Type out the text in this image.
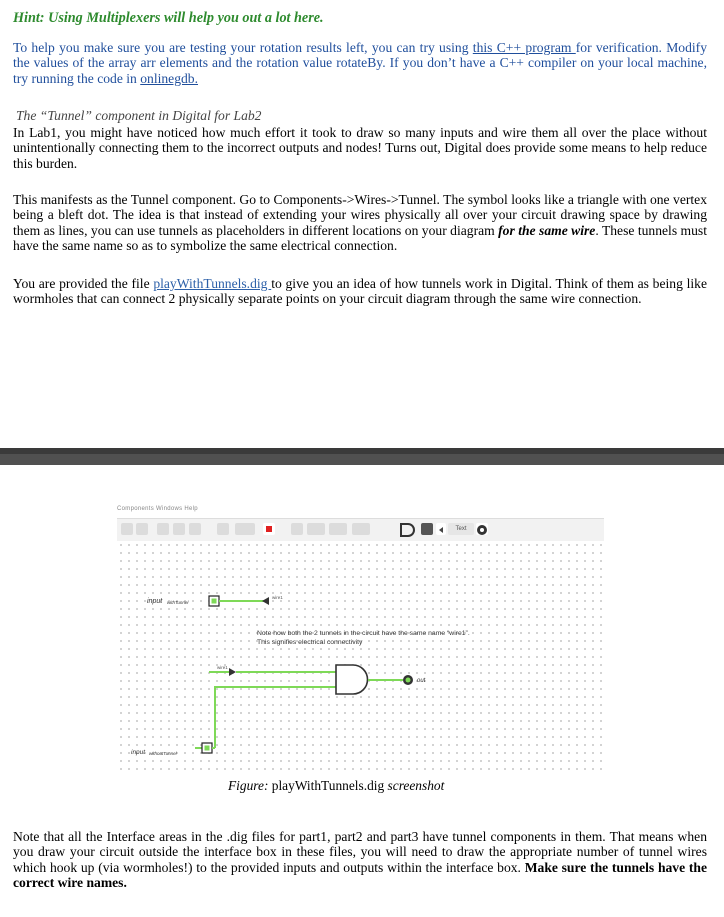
Hint: Using Multiplexers will help you out a lot here.
To help you make sure you are testing your rotation results left, you can try using this C++ program for verification. Modify the values of the array arr elements and the rotation value rotateBy. If you don’t have a C++ compiler on your local machine, try running the code in onlinegdb.
The “Tunnel” component in Digital for Lab2
In Lab1, you might have noticed how much effort it took to draw so many inputs and wire them all over the place without unintentionally connecting them to the incorrect outputs and nodes! Turns out, Digital does provide some means to help reduce this burden.
This manifests as the Tunnel component. Go to Components->Wires->Tunnel. The symbol looks like a triangle with one vertex being a bleft dot. The idea is that instead of extending your wires physically all over your circuit drawing space by drawing them as lines, you can use tunnels as placeholders in different locations on your diagram for the same wire. These tunnels must have the same name so as to symbolize the same electrical connection.
You are provided the file playWithTunnels.dig to give you an idea of how tunnels work in Digital. Think of them as being like wormholes that can connect 2 physically separate points on your circuit diagram through the same wire connection.
Components Windows Help
Text
input withTunnel
wire1
Note how both the 2 tunnels in the circuit have the same name “wire1”.
This signifies electrical connectivity
wire1
out
input withoutTunnel
Figure: playWithTunnels.dig screenshot
Note that all the Interface areas in the .dig files for part1, part2 and part3 have tunnel components in them. That means when you draw your circuit outside the interface box in these files, you will need to draw the appropriate number of tunnel wires which hook up (via wormholes!) to the provided inputs and outputs within the interface box. Make sure the tunnels have the correct wire names.
